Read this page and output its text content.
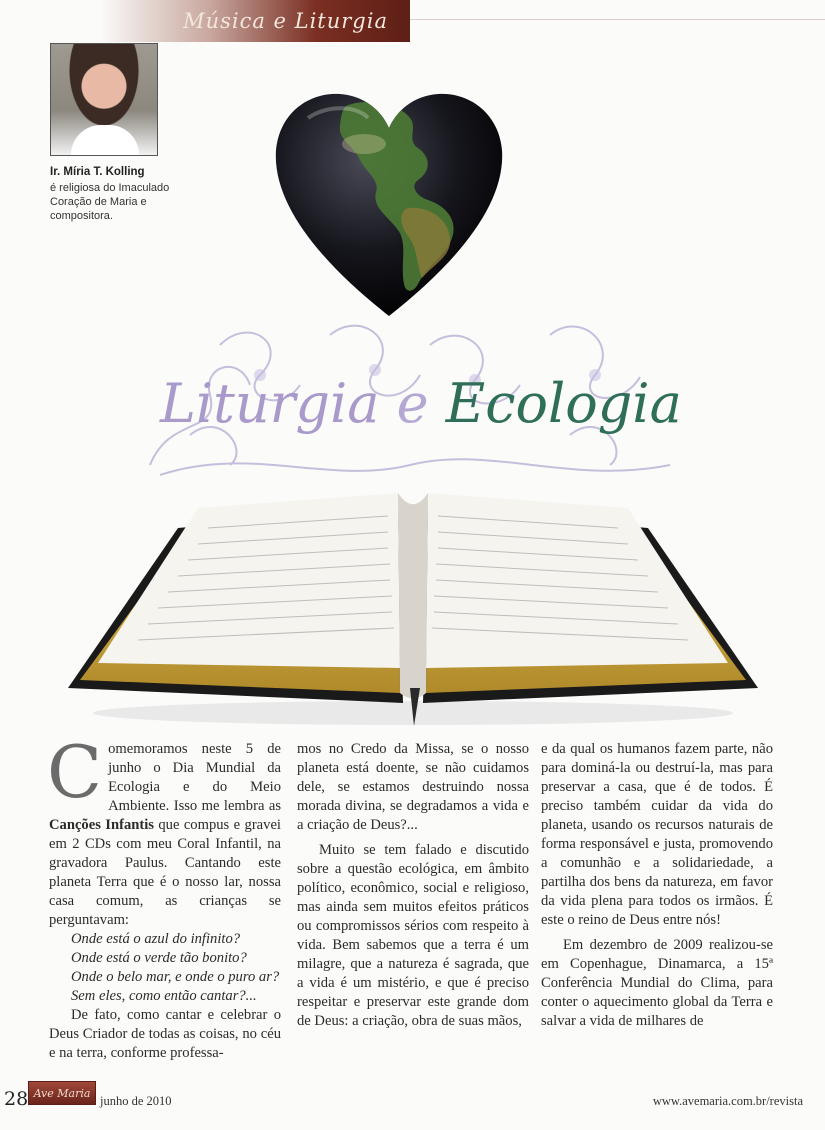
Música e Liturgia
Ir. Míria T. Kolling
é religiosa do Imaculado Coração de Maria e compositora.
Liturgia e Ecologia

Comemoramos neste 5 de junho o Dia Mundial da Ecologia e do Meio Ambiente. Isso me lembra as Canções Infantis que compus e gravei em 2 CDs com meu Coral Infantil, na gravadora Paulus. Cantando este planeta Terra que é o nosso lar, nossa casa comum, as crianças se perguntavam:

Onde está o azul do infinito?
Onde está o verde tão bonito?
Onde o belo mar, e onde o puro ar?
Sem eles, como então cantar?...

De fato, como cantar e celebrar o Deus Criador de todas as coisas, no céu e na terra, conforme professa-

mos no Credo da Missa, se o nosso planeta está doente, se não cuidamos dele, se estamos destruindo nossa morada divina, se degradamos a vida e a criação de Deus?...

Muito se tem falado e discutido sobre a questão ecológica, em âmbito político, econômico, social e religioso, mas ainda sem muitos efeitos práticos ou compromissos sérios com respeito à vida. Bem sabemos que a terra é um milagre, que a natureza é sagrada, que a vida é um mistério, e que é preciso respeitar e preservar este grande dom de Deus: a criação, obra de suas mãos,

e da qual os humanos fazem parte, não para dominá-la ou destruí-la, mas para preservar a casa, que é de todos. É preciso também cuidar da vida do planeta, usando os recursos naturais de forma responsável e justa, promovendo a comunhão e a solidariedade, a partilha dos bens da natureza, em favor da vida plena para todos os irmãos. É este o reino de Deus entre nós!

Em dezembro de 2009 realizou-se em Copenhague, Dinamarca, a 15ª Conferência Mundial do Clima, para conter o aquecimento global da Terra e salvar a vida de milhares de

28 Ave Maria
junho de 2010	www.avemaria.com.br/revista
